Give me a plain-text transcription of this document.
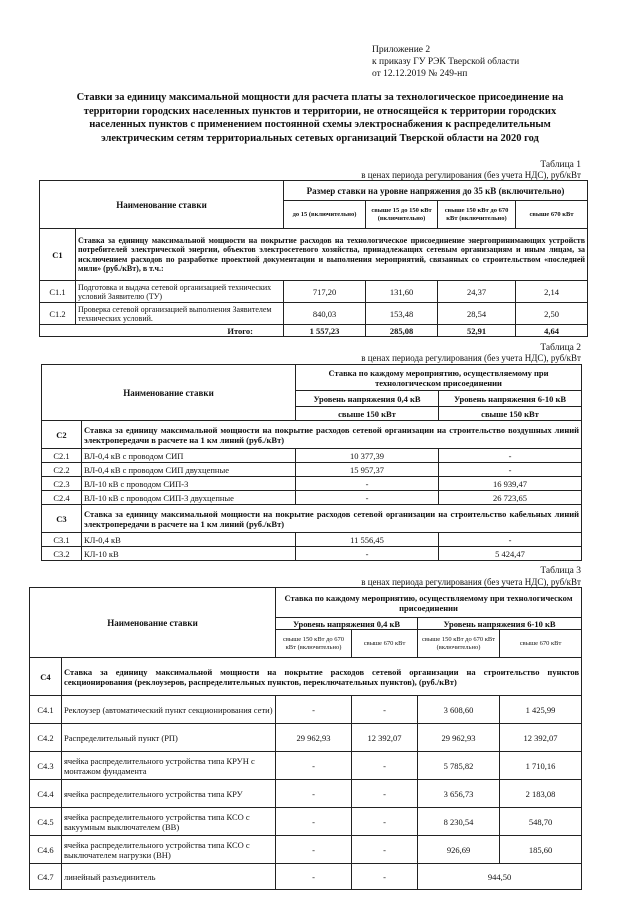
Приложение 2
к приказу ГУ РЭК Тверской области
от 12.12.2019 № 249-нп
Ставки за единицу максимальной мощности для расчета платы за технологическое присоединение на территории городских населенных пунктов и территории, не относящейся к территории городских населенных пунктов с применением постоянной схемы электроснабжения к распределительным электрическим сетям территориальных сетевых организаций Тверской области на 2020 год
Таблица 1
в ценах периода регулирования (без учета НДС), руб/кВт
Наименование ставки		Размер ставки на уровне напряжения до 35 кВ (включительно)			
		до 15 (включительно)	свыше 15 до 150 кВт (включительно)	свыше 150 кВт до 670 кВт (включительно)	свыше 670 кВт
С1	Ставка за единицу максимальной мощности на покрытие расходов на технологическое присоединение энергопринимающих устройств потребителей электрической энергии, объектов электросетевого хозяйства, принадлежащих сетевым организациям и иным лицам, за исключением расходов по разработке проектной документации и выполнения мероприятий, связанных со строительством «последней мили» (руб./кВт), в т.ч.:				
С1.1	Подготовка и выдача сетевой организацией технических условий Заявителю (ТУ)	717,20	131,60	24,37	2,14
С1.2	Проверка сетевой организацией выполнения Заявителем технических условий.	840,03	153,48	28,54	2,50
Итого:		1 557,23	285,08	52,91	4,64
Таблица 2
в ценах периода регулирования (без учета НДС), руб/кВт
Наименование ставки		Ставка по каждому мероприятию, осуществляемому при технологическом присоединении	
		Уровень напряжения 0,4 кВ	Уровень напряжения 6-10 кВ
		свыше 150 кВт	свыше 150 кВт
С2	Ставка за единицу максимальной мощности на покрытие расходов сетевой организации на строительство воздушных линий электропередачи в расчете на 1 км линий (руб./кВт)		
С2.1	ВЛ-0,4 кВ с проводом СИП	10 377,39	-
С2.2	ВЛ-0,4 кВ с проводом СИП двухцепные	15 957,37	-
С2.3	ВЛ-10 кВ с проводом СИП-3	-	16 939,47
С2.4	ВЛ-10 кВ с проводом СИП-3 двухцепные	-	26 723,65
С3	Ставка за единицу максимальной мощности на покрытие расходов сетевой организации на строительство кабельных линий электропередачи в расчете на 1 км линий (руб./кВт)		
С3.1	КЛ-0,4 кВ	11 556,45	-
С3.2	КЛ-10 кВ	-	5 424,47
Таблица 3
в ценах периода регулирования (без учета НДС), руб/кВт
Наименование ставки		Ставка по каждому мероприятию, осуществляемому при технологическом присоединении			
		Уровень напряжения 0,4 кВ		Уровень напряжения 6-10 кВ	
		свыше 150 кВт до 670 кВт (включительно)	свыше 670 кВт	свыше 150 кВт до 670 кВт (включительно)	свыше 670 кВт
С4	Ставка за единицу максимальной мощности на покрытие расходов сетевой организации на строительство пунктов секционирования (реклоузеров, распределительных пунктов, переключательных пунктов), (руб./кВт)				
С4.1	Реклоузер (автоматический пункт секционирования сети)	-	-	3 608,60	1 425,99
С4.2	Распределительный пункт (РП)	29 962,93	12 392,07	29 962,93	12 392,07
С4.3	ячейка распределительного устройства типа КРУН с монтажом фундамента	-	-	5 785,82	1 710,16
С4.4	ячейка распределительного устройства типа КРУ	-	-	3 656,73	2 183,08
С4.5	ячейка распределительного устройства типа КСО с вакуумным выключателем (ВВ)	-	-	8 230,54	548,70
С4.6	ячейка распределительного устройства типа КСО с выключателем нагрузки (ВН)	-	-	926,69	185,60
С4.7	линейный разъединитель	-	-	944,50	
